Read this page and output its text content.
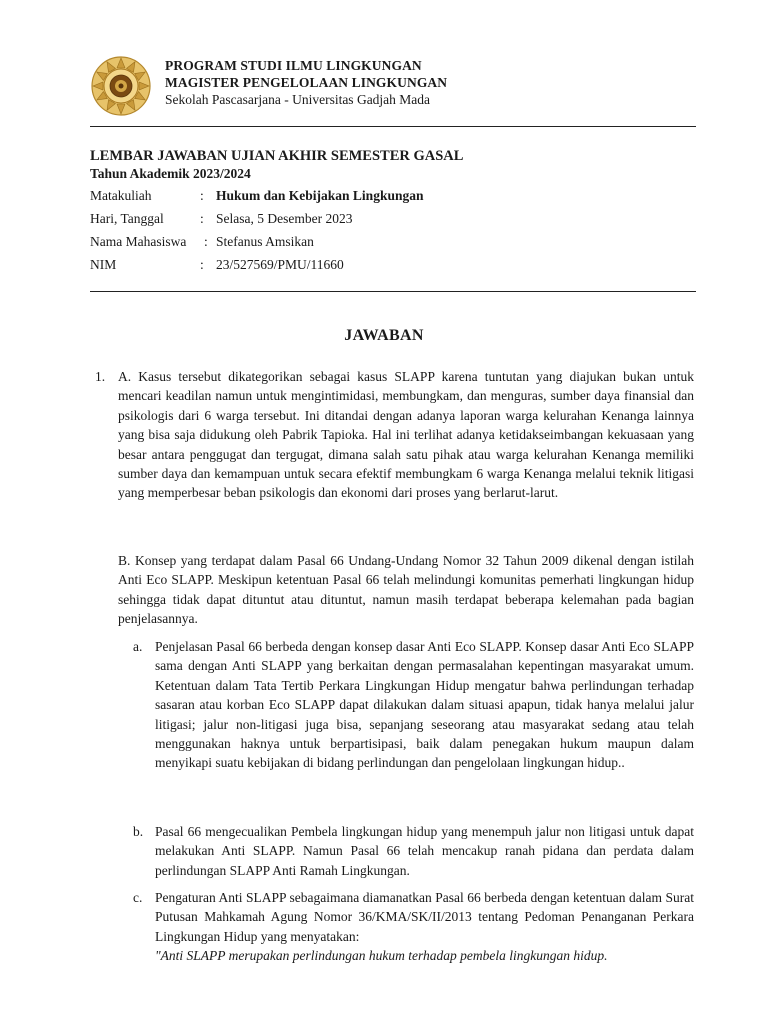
PROGRAM STUDI ILMU LINGKUNGAN
MAGISTER PENGELOLAAN LINGKUNGAN
Sekolah Pascasarjana - Universitas Gadjah Mada
LEMBAR JAWABAN UJIAN AKHIR SEMESTER GASAL
Tahun Akademik 2023/2024
Matakuliah	: Hukum dan Kebijakan Lingkungan
Hari, Tanggal	: Selasa, 5 Desember 2023
Nama Mahasiswa : Stefanus Amsikan
NIM	: 23/527569/PMU/11660
JAWABAN
1. A. Kasus tersebut dikategorikan sebagai kasus SLAPP karena tuntutan yang diajukan bukan untuk mencari keadilan namun untuk mengintimidasi, membungkam, dan menguras, sumber daya finansial dan psikologis dari 6 warga tersebut. Ini ditandai dengan adanya laporan warga kelurahan Kenanga lainnya yang bisa saja didukung oleh Pabrik Tapioka. Hal ini terlihat adanya ketidakseimbangan kekuasaan yang besar antara penggugat dan tergugat, dimana salah satu pihak atau warga kelurahan Kenanga memiliki sumber daya dan kemampuan untuk secara efektif membungkam 6 warga Kenanga melalui teknik litigasi yang memperbesar beban psikologis dan ekonomi dari proses yang berlarut-larut.

B. Konsep yang terdapat dalam Pasal 66 Undang-Undang Nomor 32 Tahun 2009 dikenal dengan istilah Anti Eco SLAPP. Meskipun ketentuan Pasal 66 telah melindungi komunitas pemerhati lingkungan hidup sehingga tidak dapat dituntut atau dituntut, namun masih terdapat beberapa kelemahan pada bagian penjelasannya.

a. Penjelasan Pasal 66 berbeda dengan konsep dasar Anti Eco SLAPP. Konsep dasar Anti Eco SLAPP sama dengan Anti SLAPP yang berkaitan dengan permasalahan kepentingan masyarakat umum. Ketentuan dalam Tata Tertib Perkara Lingkungan Hidup mengatur bahwa perlindungan terhadap sasaran atau korban Eco SLAPP dapat dilakukan dalam situasi apapun, tidak hanya melalui jalur litigasi; jalur non-litigasi juga bisa, sepanjang seseorang atau masyarakat sedang atau telah menggunakan haknya untuk berpartisipasi, baik dalam penegakan hukum maupun dalam menyikapi suatu kebijakan di bidang perlindungan dan pengelolaan lingkungan hidup..

b. Pasal 66 mengecualikan Pembela lingkungan hidup yang menempuh jalur non litigasi untuk dapat melakukan Anti SLAPP. Namun Pasal 66 telah mencakup ranah pidana dan perdata dalam perlindungan SLAPP Anti Ramah Lingkungan.

c. Pengaturan Anti SLAPP sebagaimana diamanatkan Pasal 66 berbeda dengan ketentuan dalam Surat Putusan Mahkamah Agung Nomor 36/KMA/SK/II/2013 tentang Pedoman Penanganan Perkara Lingkungan Hidup yang menyatakan:

"Anti SLAPP merupakan perlindungan hukum terhadap pembela lingkungan hidup.
